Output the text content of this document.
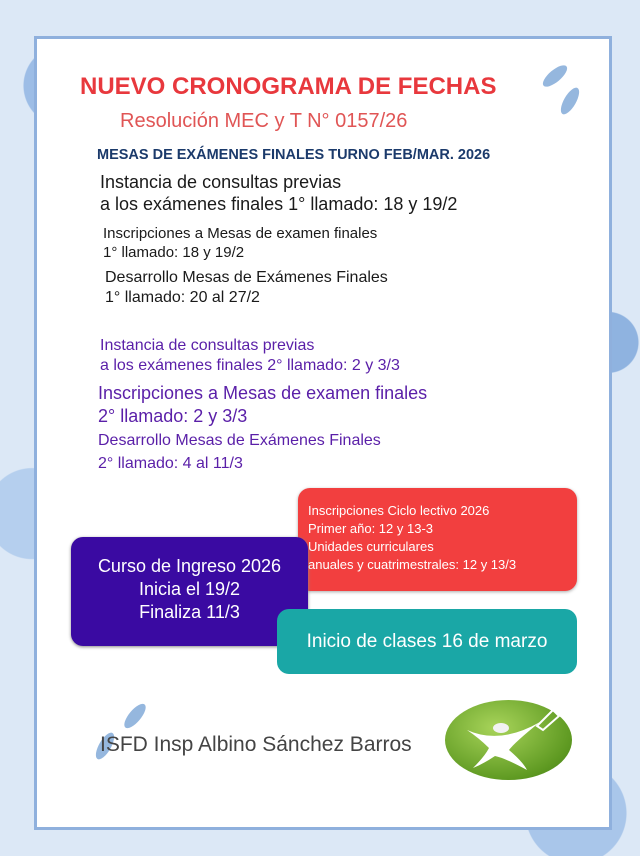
NUEVO CRONOGRAMA DE FECHAS
Resolución MEC y T N° 0157/26
MESAS DE EXÁMENES FINALES TURNO FEB/MAR. 2026
Instancia de consultas previas
a los exámenes finales 1° llamado: 18 y 19/2
Inscripciones a Mesas de examen finales
1° llamado: 18 y 19/2
Desarrollo Mesas de Exámenes Finales
1° llamado: 20 al 27/2
Instancia de consultas previas
a los exámenes finales 2° llamado: 2 y 3/3
Inscripciones a Mesas de examen finales
2° llamado: 2 y 3/3
Desarrollo Mesas de Exámenes Finales
2° llamado: 4 al 11/3
Inscripciones Ciclo lectivo 2026
Primer año: 12 y 13-3
Unidades curriculares
anuales y cuatrimestrales: 12 y 13/3
Curso de Ingreso 2026
Inicia el 19/2
Finaliza 11/3
Inicio de clases 16 de marzo
ISFD Insp Albino Sánchez Barros
